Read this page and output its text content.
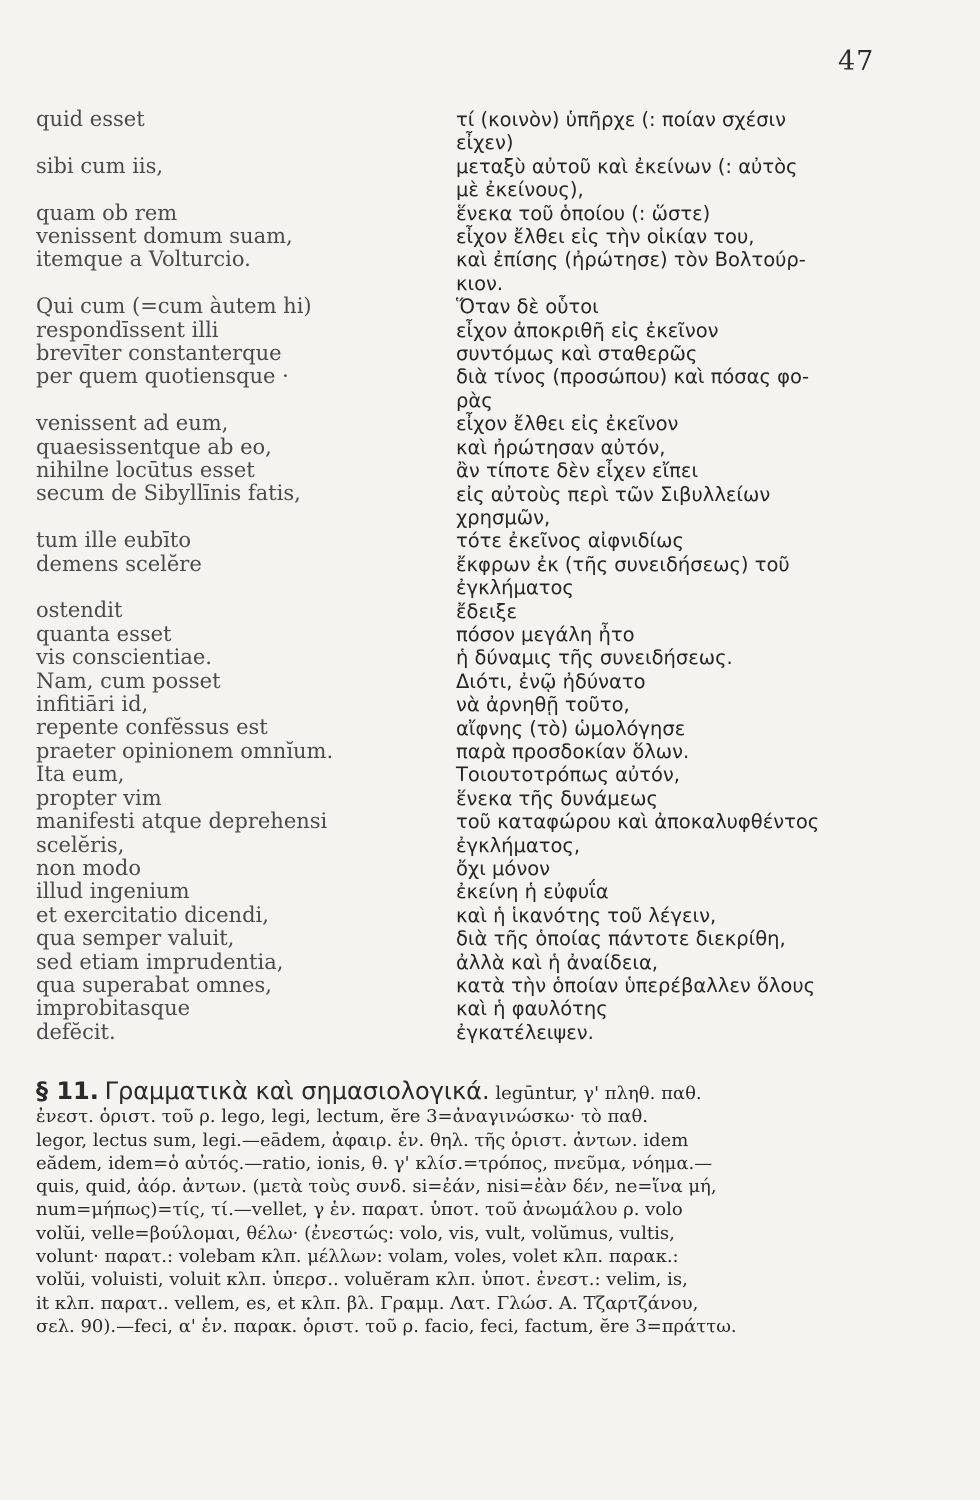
47
quid esset
sibi cum iis,
quam ob rem
venissent domum suam,
itemque a Volturcio.
Qui cum (=cum àutem hi)
respondīssent illi
brevīter constanterque
per quem quotiensque ·
venissent ad eum,
quaesissentque ab eo,
nihilne locūtus esset
secum de Sibyllīnis fatis,
tum ille eubīto
demens scelĕre
ostendit
quanta esset
vis conscientiae.
Nam, cum posset
infitiāri id,
repente confĕssus est
praeter opinionem omnĭum.
Ita eum,
propter vim
manifesti atque deprehensi
scelĕris,
non modo
illud ingenium
et exercitatio dicendi,
qua semper valuit,
sed etiam imprudentia,
qua superabat omnes,
improbitasque
defĕcit.
τί (κοινὸν) ὑπῆρχε (: ποίαν σχέσιν
εἶχεν)
μεταξὺ αὐτοῦ καὶ ἐκείνων (: αὐτὸς
μὲ ἐκείνους),
ἕνεκα τοῦ ὁποίου (: ὥστε)
εἶχον ἔλθει εἰς τὴν οἰκίαν του,
καὶ ἐπίσης (ἠρώτησε) τὸν Βολτούρ-
κιον.
Ὅταν δὲ οὗτοι
εἶχον ἀποκριθῆ εἰς ἐκεῖνον
συντόμως καὶ σταθερῶς
διὰ τίνος (προσώπου) καὶ πόσας φο-
ρὰς
εἶχον ἔλθει εἰς ἐκεῖνον
καὶ ἠρώτησαν αὐτόν,
ἂν τίποτε δὲν εἶχεν εἴπει
εἰς αὐτοὺς περὶ τῶν Σιβυλλείων
χρησμῶν,
τότε ἐκεῖνος αἰφνιδίως
ἔκφρων ἐκ (τῆς συνειδήσεως) τοῦ
ἐγκλήματος
ἔδειξε
πόσον μεγάλη ἦτο
ἡ δύναμις τῆς συνειδήσεως.
Διότι, ἐνῷ ἠδύνατο
νὰ ἀρνηθῇ τοῦτο,
αἴφνης (τὸ) ὡμολόγησε
παρὰ προσδοκίαν ὅλων.
Τοιουτοτρόπως αὐτόν,
ἕνεκα τῆς δυνάμεως
τοῦ καταφώρου καὶ ἀποκαλυφθέντος
ἐγκλήματος,
ὄχι μόνον
ἐκείνη ἡ εὐφυΐα
καὶ ἡ ἱκανότης τοῦ λέγειν,
διὰ τῆς ὁποίας πάντοτε διεκρίθη,
ἀλλὰ καὶ ἡ ἀναίδεια,
κατὰ τὴν ὁποίαν ὑπερέβαλλεν ὅλους
καὶ ἡ φαυλότης
ἐγκατέλειψεν.
§ 11. Γραμματικὰ καὶ σημασιολογικά. legūntur, γ' πληθ. παθ.
ἐνεστ. ὁριστ. τοῦ ρ. lego, legi, lectum, ĕre 3=ἀναγινώσκω· τὸ παθ.
legor, lectus sum, legi.—eādem, ἀφαιρ. ἑν. θηλ. τῆς ὁριστ. ἀντων. idem
eădem, idem=ὁ αὐτός.—ratio, ionis, θ. γ' κλίσ.=τρόπος, πνεῦμα, νόημα.—
quis, quid, ἀόρ. ἀντων. (μετὰ τοὺς συνδ. si=ἐάν, nisi=ἐὰν δέν, ne=ἵνα μή,
num=μήπως)=τίς, τί.—vellet, γ ἑν. παρατ. ὑποτ. τοῦ ἀνωμάλου ρ. volo
volŭi, velle=βούλομαι, θέλω· (ἐνεστώς: volo, vis, vult, volŭmus, vultis,
volunt· παρατ.: volebam κλπ. μέλλων: volam, voles, volet κλπ. παρακ.:
volŭi, voluisti, voluit κλπ. ὑπερσ.. voluĕram κλπ. ὑποτ. ἐνεστ.: velim, is,
it κλπ. παρατ.. vellem, es, et κλπ. βλ. Γραμμ. Λατ. Γλώσ. Α. Τζαρτζάνου,
σελ. 90).—feci, α' ἑν. παρακ. ὁριστ. τοῦ ρ. facio, feci, factum, ĕre 3=πράττω.
